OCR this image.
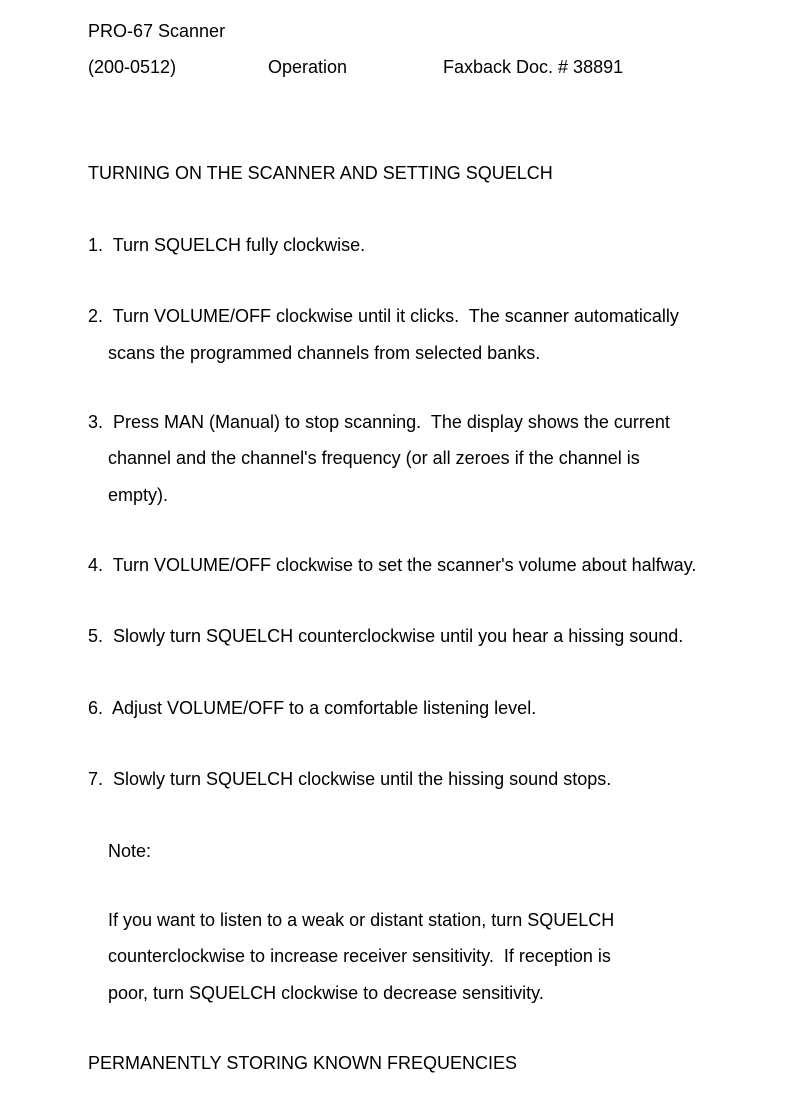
PRO-67 Scanner
(200-0512)	Operation	Faxback Doc. # 38891
TURNING ON THE SCANNER AND SETTING SQUELCH
1.  Turn SQUELCH fully clockwise.
2.  Turn VOLUME/OFF clockwise until it clicks.  The scanner automatically
scans the programmed channels from selected banks.
3.  Press MAN (Manual) to stop scanning.  The display shows the current
channel and the channel's frequency (or all zeroes if the channel is
empty).
4.  Turn VOLUME/OFF clockwise to set the scanner's volume about halfway.
5.  Slowly turn SQUELCH counterclockwise until you hear a hissing sound.
6.  Adjust VOLUME/OFF to a comfortable listening level.
7.  Slowly turn SQUELCH clockwise until the hissing sound stops.
Note:
If you want to listen to a weak or distant station, turn SQUELCH
counterclockwise to increase receiver sensitivity.  If reception is
poor, turn SQUELCH clockwise to decrease sensitivity.
PERMANENTLY STORING KNOWN FREQUENCIES
